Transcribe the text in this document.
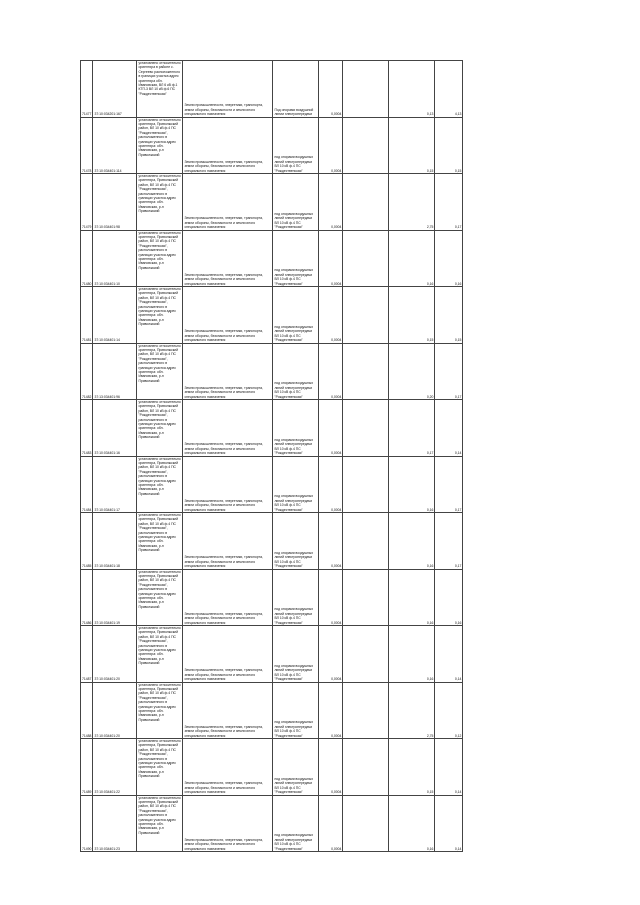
71477	37:10:034201:167	установлено относительно ориентира в районе с. Сергеево расположенного в границах участка адрес ориентира обл. Ивановская, ВЛ 6 кВ ф.1 КТП-3 ВЛ 10 кВ ф.6 ПС "Рождественская"	Земли промышленности, энергетики, транспорта, земли обороны, безопасности и земли иного специального назначения	Под опорами воздушной линии электропередачи	0,0004		0,13	4,13
71478	37:10:034401:114	установлено относительно ориентира, Приволжский район, ВЛ 10 кВ ф.4 ПС "Рождественская", расположенного в границах участка адрес ориентира: обл. Ивановская, р-н Приволжский	Земли промышленности, энергетики, транспорта, земли обороны, безопасности и земли иного специального назначения	под опорами воздушных линий электропередачи ВЛ 10 кВ ф.4 ПС "Рождественская"	0,0004		0,15	0,15
71479	37:10:034401:98	установлено относительно ориентира, Приволжский район, ВЛ 10 кВ ф.4 ПС "Рождественская", расположенного в границах участка адрес ориентира: обл. Ивановская, р-н Приволжский	Земли промышленности, энергетики, транспорта, земли обороны, безопасности и земли иного специального назначения	под опорами воздушных линий электропередачи ВЛ 10 кВ ф.4 ПС "Рождественская"	0,0004		2,75	0,17
71480	37:10:034401:10	установлено относительно ориентира, Приволжский район, ВЛ 10 кВ ф.4 ПС "Рождественская", расположенного в границах участка адрес ориентира: обл. Ивановская, р-н Приволжский	Земли промышленности, энергетики, транспорта, земли обороны, безопасности и земли иного специального назначения	под опорами воздушных линий электропередачи ВЛ 10 кВ ф.4 ПС "Рождественская"	0,0004		0,16	0,16
71481	37:10:034401:14	установлено относительно ориентира, Приволжский район, ВЛ 10 кВ ф.4 ПС "Рождественская", расположенного в границах участка адрес ориентира: обл. Ивановская, р-н Приволжский	Земли промышленности, энергетики, транспорта, земли обороны, безопасности и земли иного специального назначения	под опорами воздушных линий электропередачи ВЛ 10 кВ ф.4 ПС "Рождественская"	0,0004		0,15	0,15
71482	37:13:034401:96	установлено относительно ориентира, Приволжский район, ВЛ 10 кВ ф.4 ПС "Рождественская", расположенного в границах участка адрес ориентира: обл. Ивановская, р-н Приволжский	Земли промышленности, энергетики, транспорта, земли обороны, безопасности и земли иного специального назначения	под опорами воздушных линий электропередачи ВЛ 10 кВ ф.4 ПС "Рождественская"	0,0004		0,20	0,17
71483	37:10:034401:16	установлено относительно ориентира, Приволжский район, ВЛ 10 кВ ф.4 ПС "Рождественская", расположенного в границах участка адрес ориентира: обл. Ивановская, р-н Приволжский	Земли промышленности, энергетики, транспорта, земли обороны, безопасности и земли иного специального назначения	под опорами воздушных линий электропередачи ВЛ 10 кВ ф.4 ПС "Рождественская"	0,0004		0,17	0,14
71484	37:10:034401:17	установлено относительно ориентира, Приволжский район, ВЛ 10 кВ ф.4 ПС "Рождественская", расположенного в границах участка адрес ориентира: обл. Ивановская, р-н Приволжский	Земли промышленности, энергетики, транспорта, земли обороны, безопасности и земли иного специального назначения	под опорами воздушных линий электропередачи ВЛ 10 кВ ф.4 ПС "Рождественская"	0,0004		0,16	0,17
71485	37:10:034401:18	установлено относительно ориентира, Приволжский район, ВЛ 10 кВ ф.4 ПС "Рождественская", расположенного в границах участка адрес ориентира: обл. Ивановская, р-н Приволжский	Земли промышленности, энергетики, транспорта, земли обороны, безопасности и земли иного специального назначения	под опорами воздушных линий электропередачи ВЛ 10 кВ ф.4 ПС "Рождественская"	0,0004		0,16	0,17
71486	37:10:034401:19	установлено относительно ориентира, Приволжский район, ВЛ 10 кВ ф.4 ПС "Рождественская", расположенного в границах участка адрес ориентира: обл. Ивановская, р-н Приволжский	Земли промышленности, энергетики, транспорта, земли обороны, безопасности и земли иного специального назначения	под опорами воздушных линий электропередачи ВЛ 10 кВ ф.4 ПС "Рождественская"	0,0004		0,16	0,16
71487	37:10:034401:20	установлено относительно ориентира, Приволжский район, ВЛ 10 кВ ф.4 ПС "Рождественская", расположенного в границах участка адрес ориентира: обл. Ивановская, р-н Приволжский	Земли промышленности, энергетики, транспорта, земли обороны, безопасности и земли иного специального назначения	под опорами воздушных линий электропередачи ВЛ 10 кВ ф.4 ПС "Рождественская"	0,0004		0,16	0,14
71488	37:10:034401:20	установлено относительно ориентира, Приволжский район, ВЛ 10 кВ ф.4 ПС "Рождественская", расположенного в границах участка адрес ориентира: обл. Ивановская, р-н Приволжский	Земли промышленности, энергетики, транспорта, земли обороны, безопасности и земли иного специального назначения	под опорами воздушных линий электропередачи ВЛ 10 кВ ф.4 ПС "Рождественская"	0,0004		2,75	0,12
71489	37:10:034401:22	установлено относительно ориентира, Приволжский район, ВЛ 10 кВ ф.4 ПС "Рождественская", расположенного в границах участка адрес ориентира: обл. Ивановская, р-н Приволжский	Земли промышленности, энергетики, транспорта, земли обороны, безопасности и земли иного специального назначения	под опорами воздушных линий электропередачи ВЛ 10 кВ ф.4 ПС "Рождественская"	0,0004		0,15	0,14
71490	37:10:034401:23	установлено относительно ориентира, Приволжский район, ВЛ 10 кВ ф.4 ПС "Рождественская", расположенного в границах участка адрес ориентира: обл. Ивановская, р-н Приволжский	Земли промышленности, энергетики, транспорта, земли обороны, безопасности и земли иного специального назначения	под опорами воздушных линий электропередачи ВЛ 10 кВ ф.4 ПС "Рождественская"	0,0004		0,16	0,14
